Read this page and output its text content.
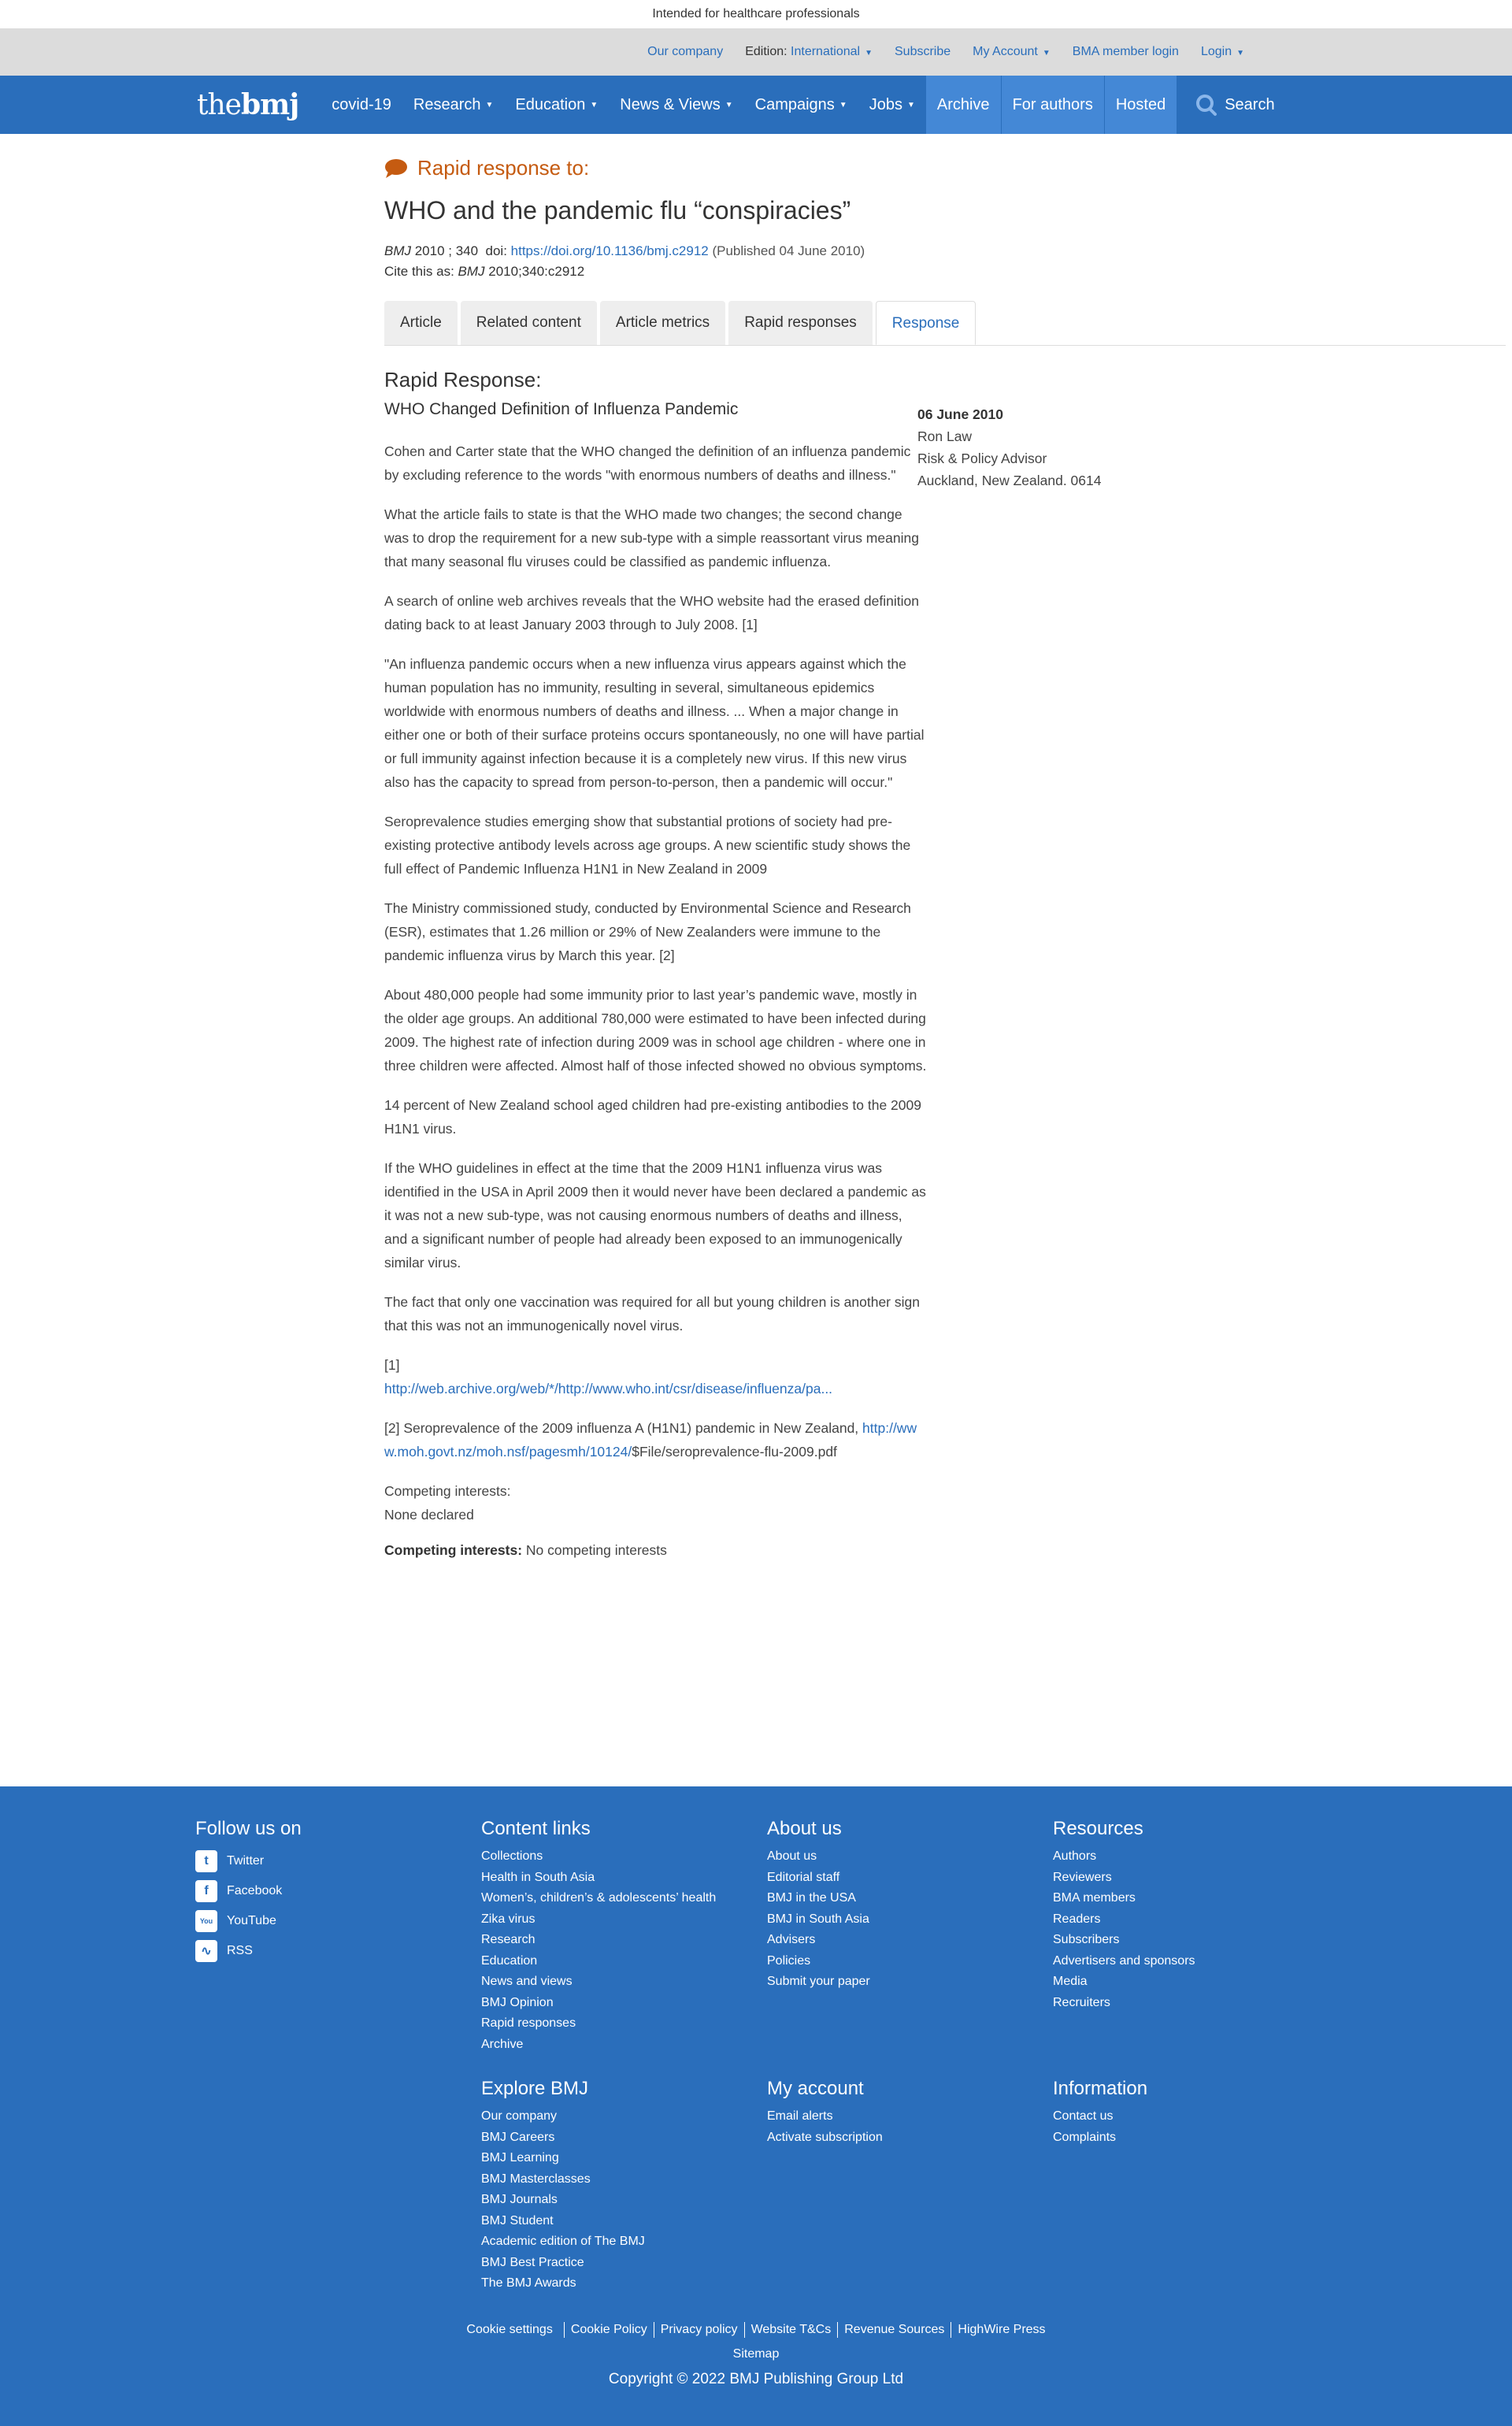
Intended for healthcare professionals
Our company Edition: International ▼ Subscribe My Account ▼ BMA member login Login ▼
the bmj covid-19 Research ▼ Education ▼ News & Views ▼ Campaigns ▼ Jobs ▼ Archive For authors Hosted	Search
Rapid response to:
WHO and the pandemic flu “conspiracies”
BMJ 2010 ; 340  doi: https://doi.org/10.1136/bmj.c2912 (Published 04 June 2010)
Cite this as: BMJ 2010;340:c2912
Article	Related content	Article metrics	Rapid responses	Response
Rapid Response:
WHO Changed Definition of Influenza Pandemic

Cohen and Carter state that the WHO changed the definition of an influenza pandemic by excluding reference to the words "with enormous numbers of deaths and illness."

What the article fails to state is that the WHO made two changes; the second change was to drop the requirement for a new sub-type with a simple reassortant virus meaning that many seasonal flu viruses could be classified as pandemic influenza.

A search of online web archives reveals that the WHO website had the erased definition dating back to at least January 2003 through to July 2008. [1]

"An influenza pandemic occurs when a new influenza virus appears against which the human population has no immunity, resulting in several, simultaneous epidemics worldwide with enormous numbers of deaths and illness. ... When a major change in either one or both of their surface proteins occurs spontaneously, no one will have partial or full immunity against infection because it is a completely new virus. If this new virus also has the capacity to spread from person-to-person, then a pandemic will occur."

Seroprevalence studies emerging show that substantial protions of society had pre-existing protective antibody levels across age groups. A new scientific study shows the full effect of Pandemic Influenza H1N1 in New Zealand in 2009

The Ministry commissioned study, conducted by Environmental Science and Research (ESR), estimates that 1.26 million or 29% of New Zealanders were immune to the pandemic influenza virus by March this year. [2]

About 480,000 people had some immunity prior to last year’s pandemic wave, mostly in the older age groups. An additional 780,000 were estimated to have been infected during 2009. The highest rate of infection during 2009 was in school age children - where one in three children were affected. Almost half of those infected showed no obvious symptoms.

14 percent of New Zealand school aged children had pre-existing antibodies to the 2009 H1N1 virus.

If the WHO guidelines in effect at the time that the 2009 H1N1 influenza virus was identified in the USA in April 2009 then it would never have been declared a pandemic as it was not a new sub-type, was not causing enormous numbers of deaths and illness, and a significant number of people had already been exposed to an immunogenically similar virus.

The fact that only one vaccination was required for all but young children is another sign that this was not an immunogenically novel virus.

[1]
http://web.archive.org/web/*/http://www.who.int/csr/disease/influenza/pa...

[2] Seroprevalence of the 2009 influenza A (H1N1) pandemic in New Zealand, http://www.moh.govt.nz/moh.nsf/pagesmh/10124/$File/seroprevalence-flu-2009.pdf

Competing interests:
None declared

Competing interests: No competing interests
06 June 2010
Ron Law
Risk & Policy Advisor
Auckland, New Zealand. 0614
Follow us on
t	Twitter
f	Facebook
You	YouTube
∿	RSS
Content links
Collections
Health in South Asia
Women’s, children’s & adolescents’ health
Zika virus
Research
Education
News and views
BMJ Opinion
Rapid responses
Archive
About us
About us
Editorial staff
BMJ in the USA
BMJ in South Asia
Advisers
Policies
Submit your paper
Resources
Authors
Reviewers
BMA members
Readers
Subscribers
Advertisers and sponsors
Media
Recruiters
Explore BMJ
Our company
BMJ Careers
BMJ Learning
BMJ Masterclasses
BMJ Journals
BMJ Student
Academic edition of The BMJ
BMJ Best Practice
The BMJ Awards
My account
Email alerts
Activate subscription
Information
Contact us
Complaints
Cookie settings	Cookie Policy	Privacy policy	Website T&Cs	Revenue Sources	HighWire Press
Sitemap
Copyright © 2022 BMJ Publishing Group Ltd
